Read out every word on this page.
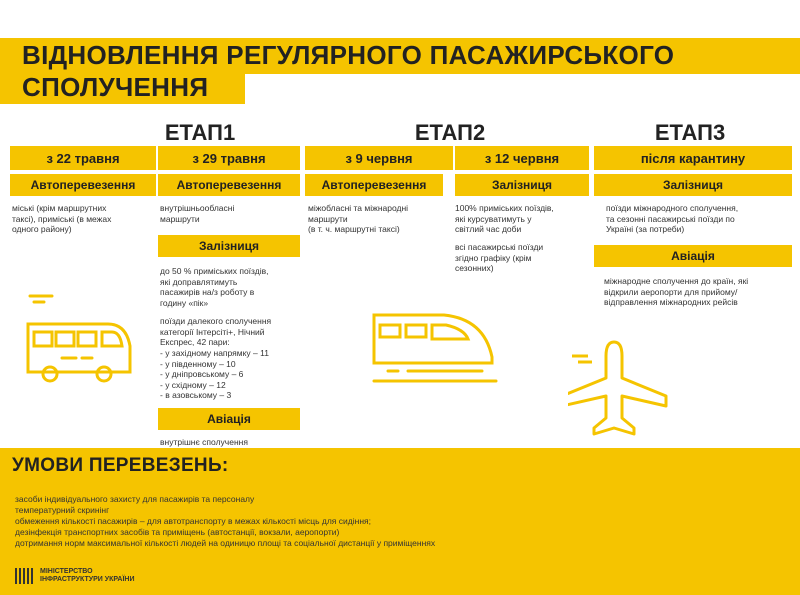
ВІДНОВЛЕННЯ РЕГУЛЯРНОГО ПАСАЖИРСЬКОГО
СПОЛУЧЕННЯ
ЕТАП1	ЕТАП2	ЕТАП3
з 22 травня	з 29 травня	з 9 червня	з 12 червня	після карантину
Автоперевезення	Автоперевезення	Автоперевезення	Залізниця	Залізниця
міські (крім маршрутних
таксі), приміські (в межах
одного району)
внутрішньообласні
маршрути
Залізниця
до 50 % приміських поїздів,
які доправлятимуть
пасажирів на/з роботу в
годину «пік»
поїзди далекого сполучення
категорії Інтерсіті+, Нічний
Експрес, 42 пари:
- у західному напрямку – 11
- у південному – 10
- у дніпровському – 6
- у східному – 12
- в азовському – 3
Авіація
внутрішнє сполучення
міжобласні та міжнародні
маршрути
(в т. ч. маршрутні таксі)
100% приміських поїздів,
які курсуватимуть у
світлий час доби
всі пасажирські поїзди
згідно графіку (крім
сезонних)
поїзди міжнародного сполучення,
та сезонні пасажирські поїзди по
Україні (за потреби)
Авіація
міжнародне сполучення до країн, які
відкрили аеропорти для прийому/
відправлення міжнародних рейсів
УМОВИ ПЕРЕВЕЗЕНЬ:
засоби індивідуального захисту для пасажирів та персоналу
температурний скринінг
обмеження кількості пасажирів – для автотранспорту в межах кількості місць для сидіння;
дезінфекція транспортних засобів та приміщень (автостанції, вокзали, аеропорти)
дотримання норм максимальної кількості людей на одиницю площі та соціальної дистанції у приміщеннях
МІНІСТЕРСТВО
ІНФРАСТРУКТУРИ УКРАЇНИ
